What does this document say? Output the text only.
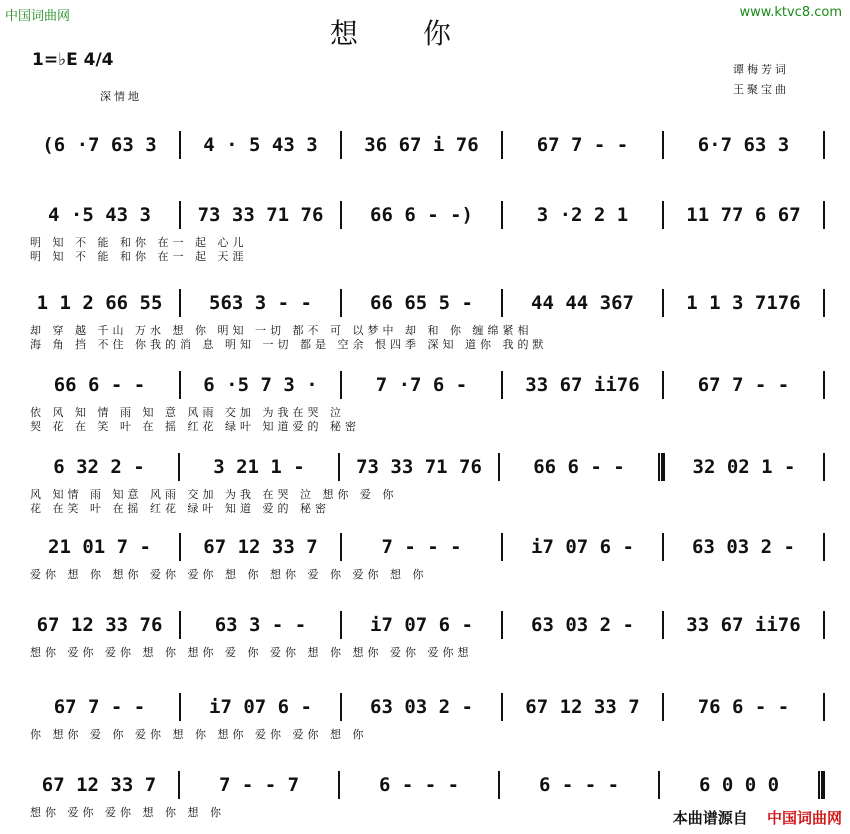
中国词曲网	www.ktvc8.com
想 你
1=♭E 4/4
深情地
谭梅芳词
王聚宝曲
(6 ·7 63 3	4 · 5 43 3	36 67 i 76	67 7 - -	6·7 63 3
4 ·5 43 3	73 33 71 76	66 6 - -)	3 ·2 2 1	11 77 6 67
明 知 不 能 和你 在一 起 心儿
明 知 不 能 和你 在一 起 天涯
1 1 2 66 55	563 3 - -	66 65 5 -	44 44 367	1 1 3 7176
却 穿 越 千山 万水 想 你 明知 一切 都不 可 以梦中 却 和 你 缠绵紧相
海 角 挡 不住 你我的消 息 明知 一切 都是 空余 恨四季 深知 道你 我的默
66 6 - -	6 ·5 7 3 ·	7 ·7 6 -	33 67 ii76	67 7 - -
依 风 知 情 雨 知 意 风雨 交加 为我在哭 泣
契 花 在 笑 叶 在 摇 红花 绿叶 知道爱的 秘密
6 32 2 -	3 21 1 -	73 33 71 76	66 6 - -	32 02 1 -
风 知情 雨 知意 风雨 交加 为我 在哭 泣 想你 爱 你
花 在笑 叶 在摇 红花 绿叶 知道 爱的 秘密
21 01 7 -	67 12 33 7	7 - - -	i7 07 6 -	63 03 2 -
爱你 想 你 想你 爱你 爱你 想 你 想你 爱 你 爱你 想 你
67 12 33 76	63 3 - -	i7 07 6 -	63 03 2 -	33 67 ii76
想你 爱你 爱你 想 你 想你 爱 你 爱你 想 你 想你 爱你 爱你想
67 7 - -	i7 07 6 -	63 03 2 -	67 12 33 7	76 6 - -
你 想你 爱 你 爱你 想 你 想你 爱你 爱你 想 你
67 12 33 7	7 - - 7	6 - - -	6 - - -	6 0 0 0
想你 爱你 爱你 想 你 想 你	本曲谱源自 中国词曲网
